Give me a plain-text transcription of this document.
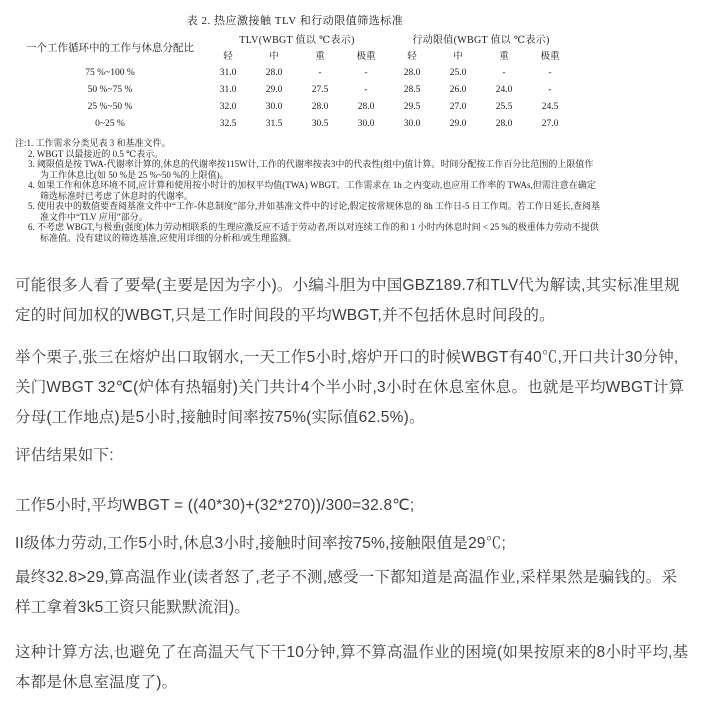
表 2. 热应激接触 TLV 和行动限值筛选标准
一个工作循环中的工作与休息分配比	TLV(WBGT 值以 ℃表示)				行动限值(WBGT 值以 ℃表示)			
	轻	中	重	极重	轻	中	重	极重
75 %~100 %	31.0	28.0	-	-	28.0	25.0	-	-
50 %~75 %	31.0	29.0	27.5	-	28.5	26.0	24.0	-
25 %~50 %	32.0	30.0	28.0	28.0	29.5	27.0	25.5	24.5
0~25 %	32.5	31.5	30.5	30.0	30.0	29.0	28.0	27.0
注:1. 工作需求分类见表 3 和基准文件。
2. WBGT 以最接近的 0.5 ℃表示。
3. 阈限值是按 TWA-代谢率计算的,休息的代谢率按115W计,工作的代谢率按表3中的代表性(组中)值计算。时间分配按工作百分比范围的上限值作为工作休息比(如 50 %是 25 %~50 %的上限值)。
4. 如果工作和休息环境不同,应计算和使用按小时计的加权平均值(TWA) WBGT。工作需求在 1h 之内变动,也应用工作率的 TWAs,但需注意在确定筛选标准时已考虑了休息时的代谢率。
5. 使用表中的数值要查阅基准文件中“工作-休息制度”部分,并如基准文件中的讨论,假定按常规休息的 8h 工作日-5 日工作周。若工作日延长,查阅基准文件中“TLV 应用”部分。
6. 不考虑 WBGT,与极重(强度)体力劳动相联系的生理应激反应不适于劳动者,所以对连续工作的和 1 小时内休息时间 < 25 %的极重体力劳动不提供标准值。没有建议的筛选基准,应使用详细的分析和/或生理监测。

可能很多人看了要晕(主要是因为字小)。小编斗胆为中国GBZ189.7和TLV代为解读,其实标准里规定的时间加权的WBGT,只是工作时间段的平均WBGT,并不包括休息时间段的。

举个栗子,张三在熔炉出口取钢水,一天工作5小时,熔炉开口的时候WBGT有40℃,开口共计30分钟,关门WBGT 32℃(炉体有热辐射)关门共计4个半小时,3小时在休息室休息。也就是平均WBGT计算分母(工作地点)是5小时,接触时间率按75%(实际值62.5%)。

评估结果如下:

工作5小时,平均WBGT = ((40*30)+(32*270))/300=32.8℃;

II级体力劳动,工作5小时,休息3小时,接触时间率按75%,接触限值是29℃;

最终32.8>29,算高温作业(读者怒了,老子不测,感受一下都知道是高温作业,采样果然是骗钱的。采样工拿着3k5工资只能默默流泪)。

这种计算方法,也避免了在高温天气下干10分钟,算不算高温作业的困境(如果按原来的8小时平均,基本都是休息室温度了)。
